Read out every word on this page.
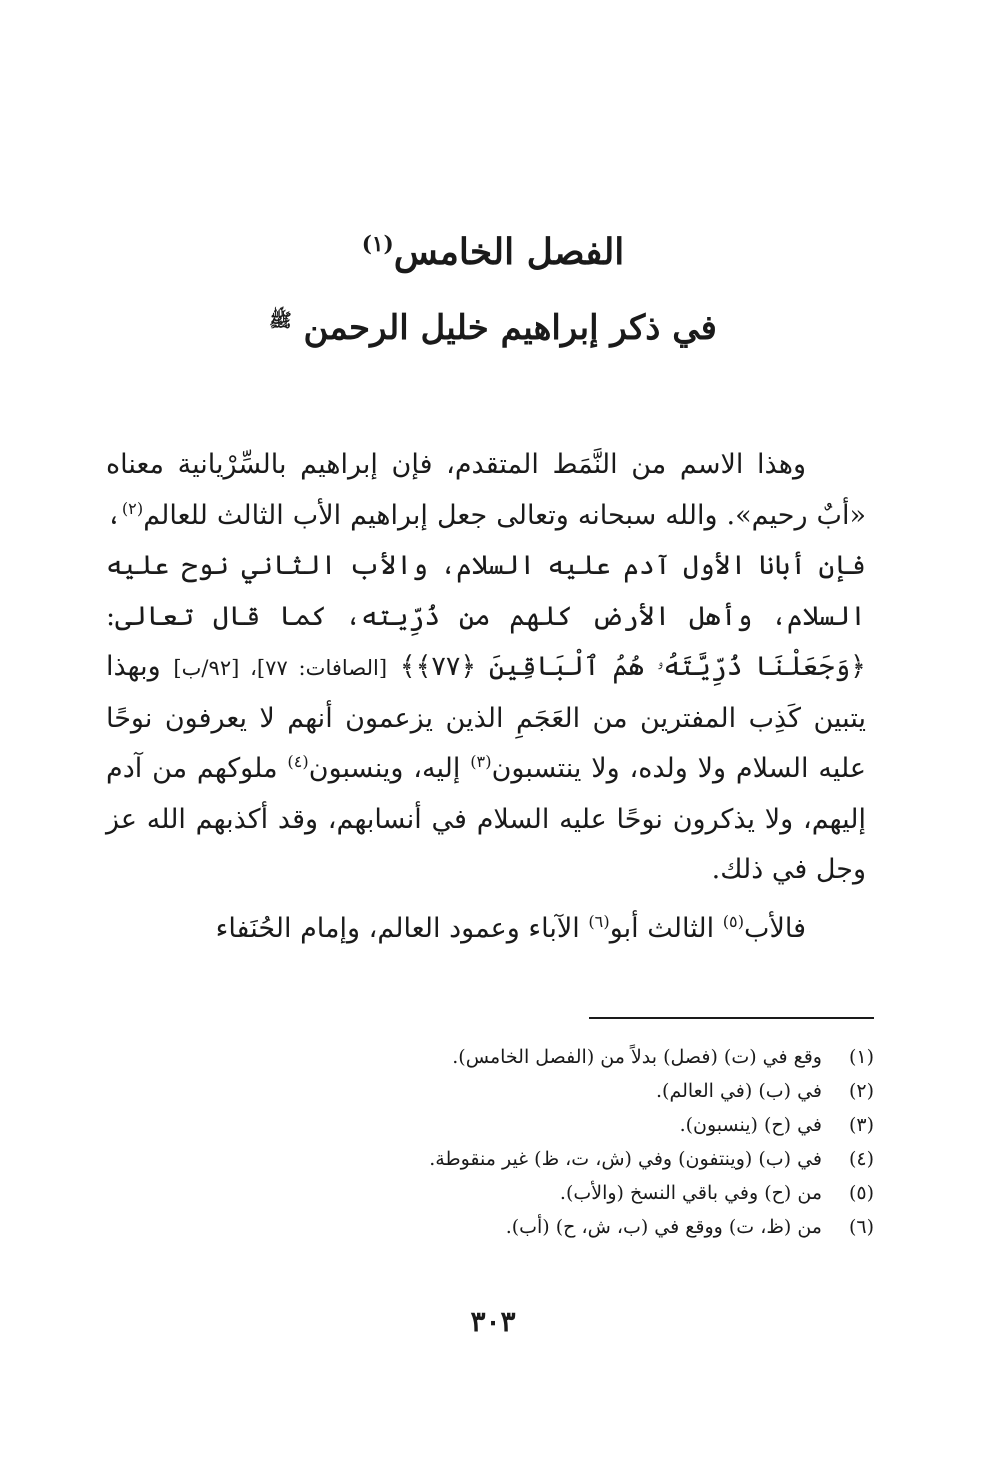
الفصل الخامس$^{(١)}$
في ذكر إبراهيم خليل الرحمن $^ﷺ$

وهذا الاسم من النَّمَط المتقدم، فإن إبراهيم بالسِّرْيانية معناه «أبٌ رحيم». والله سبحانه وتعالى جعل إبراهيم الأب الثالث للعالم$^{(٢)}$، فإن أبانا الأول آدم عليه السلام، والأب الثاني نوح عليه السلام، وأهل الأرض كلهم من ذُرِّيته، كما قال تعالى: ﴿وَجَعَلْنَا ذُرِّيَّتَهُۥ هُمُ ٱلْبَاقِينَ ﴿٧٧﴾﴾ [الصافات: ٧٧]، [٩٢/ب] وبهذا يتبين كَذِب المفترين من العَجَمِ الذين يزعمون أنهم لا يعرفون نوحًا عليه السلام ولا ولده، ولا ينتسبون$^{(٣)}$ إليه، وينسبون$^{(٤)}$ ملوكهم من آدم إليهم، ولا يذكرون نوحًا عليه السلام في أنسابهم، وقد أكذبهم الله عز وجل في ذلك.

فالأب$^{(٥)}$ الثالث أبو$^{(٦)}$ الآباء وعمود العالم، وإمام الحُنَفاء

(١)وقع في (ت) (فصل) بدلاً من (الفصل الخامس).
(٢)في (ب) (في العالم).
(٣)في (ح) (ينسبون).
(٤)في (ب) (وينتفون) وفي (ش، ت، ظ) غير منقوطة.
(٥)من (ح) وفي باقي النسخ (والأب).
(٦)من (ظ، ت) ووقع في (ب، ش، ح) (أب).
٣٠٣
